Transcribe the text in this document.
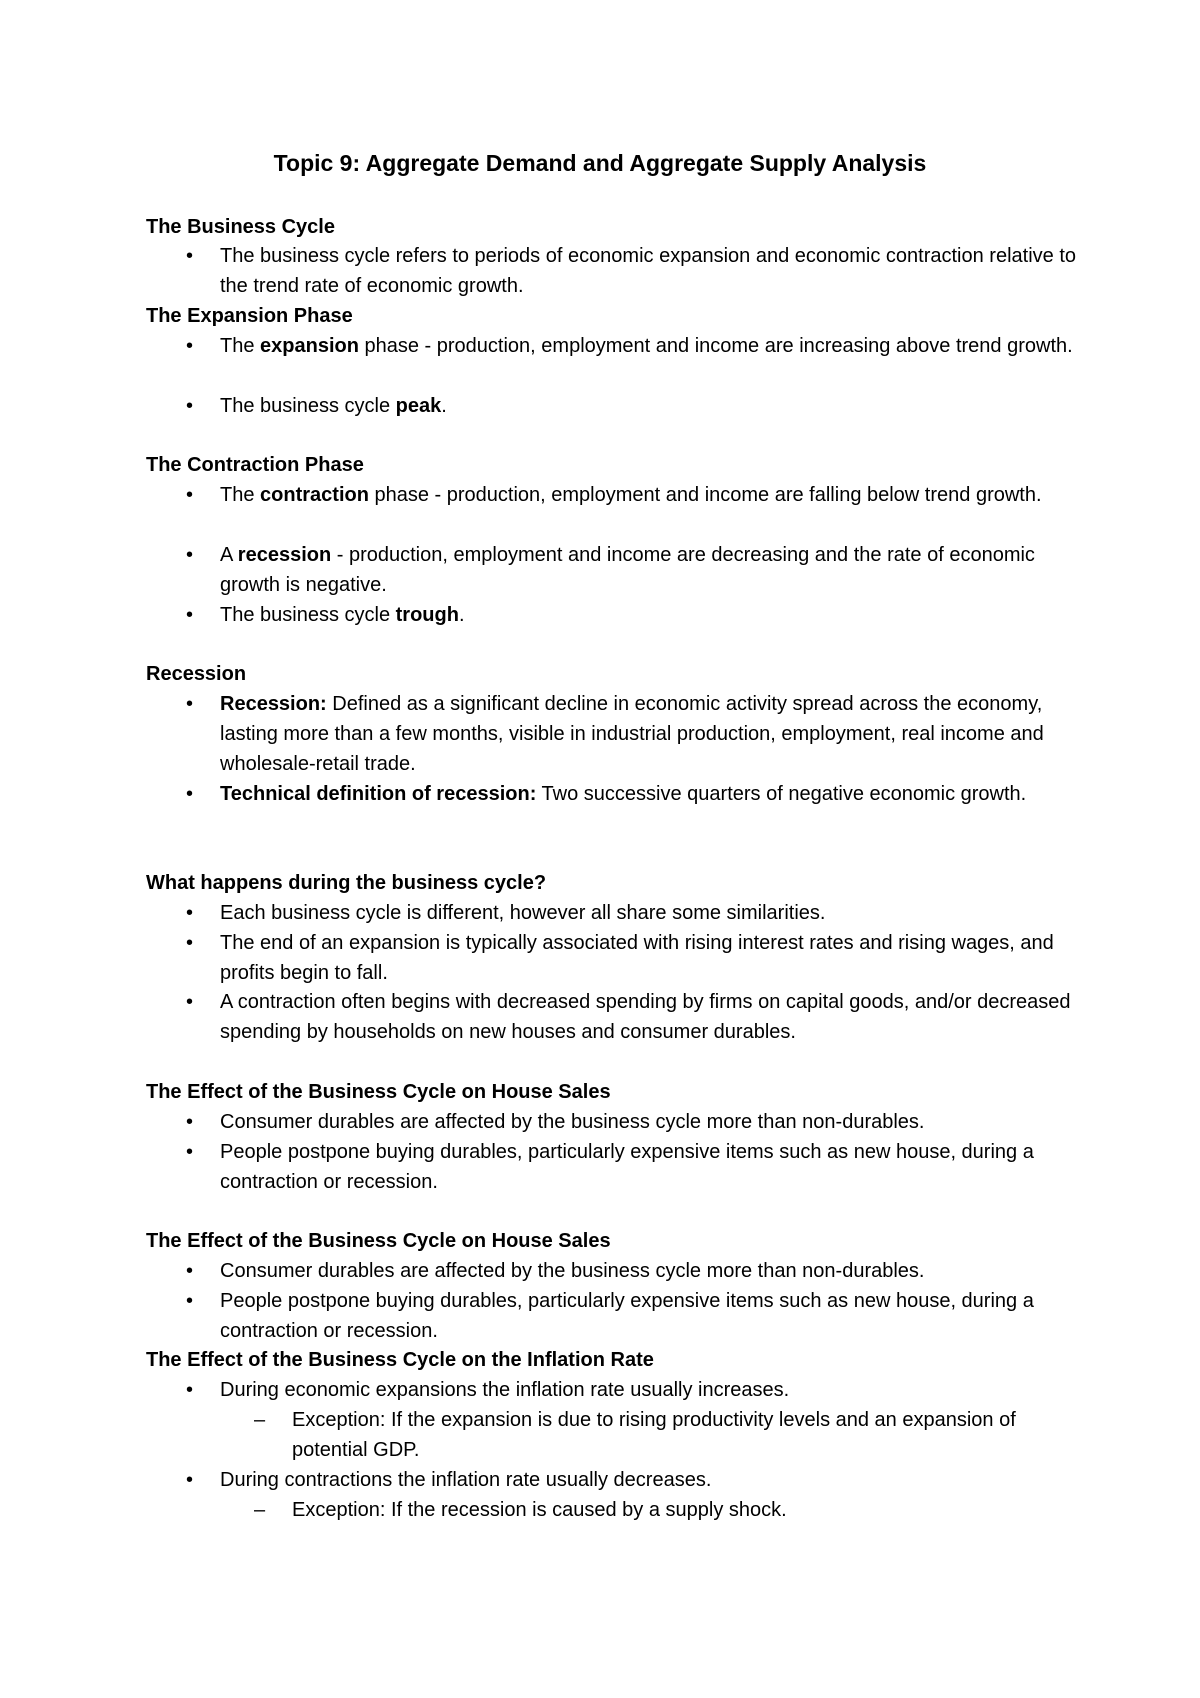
Topic 9: Aggregate Demand and Aggregate Supply Analysis
The Business Cycle
• The business cycle refers to periods of economic expansion and economic contraction relative to the trend rate of economic growth.
The Expansion Phase
• The expansion phase - production, employment and income are increasing above trend growth.
• The business cycle peak.
The Contraction Phase
• The contraction phase - production, employment and income are falling below trend growth.
• A recession - production, employment and income are decreasing and the rate of economic growth is negative.
• The business cycle trough.
Recession
• Recession: Defined as a significant decline in economic activity spread across the economy, lasting more than a few months, visible in industrial production, employment, real income and wholesale-retail trade.
• Technical definition of recession: Two successive quarters of negative economic growth.
What happens during the business cycle?
• Each business cycle is different, however all share some similarities.
• The end of an expansion is typically associated with rising interest rates and rising wages, and profits begin to fall.
• A contraction often begins with decreased spending by firms on capital goods, and/or decreased spending by households on new houses and consumer durables.
The Effect of the Business Cycle on House Sales
• Consumer durables are affected by the business cycle more than non-durables.
• People postpone buying durables, particularly expensive items such as new house, during a contraction or recession.
The Effect of the Business Cycle on House Sales
• Consumer durables are affected by the business cycle more than non-durables.
• People postpone buying durables, particularly expensive items such as new house, during a contraction or recession.
The Effect of the Business Cycle on the Inflation Rate
• During economic expansions the inflation rate usually increases.
– Exception: If the expansion is due to rising productivity levels and an expansion of potential GDP.
• During contractions the inflation rate usually decreases.
– Exception: If the recession is caused by a supply shock.
